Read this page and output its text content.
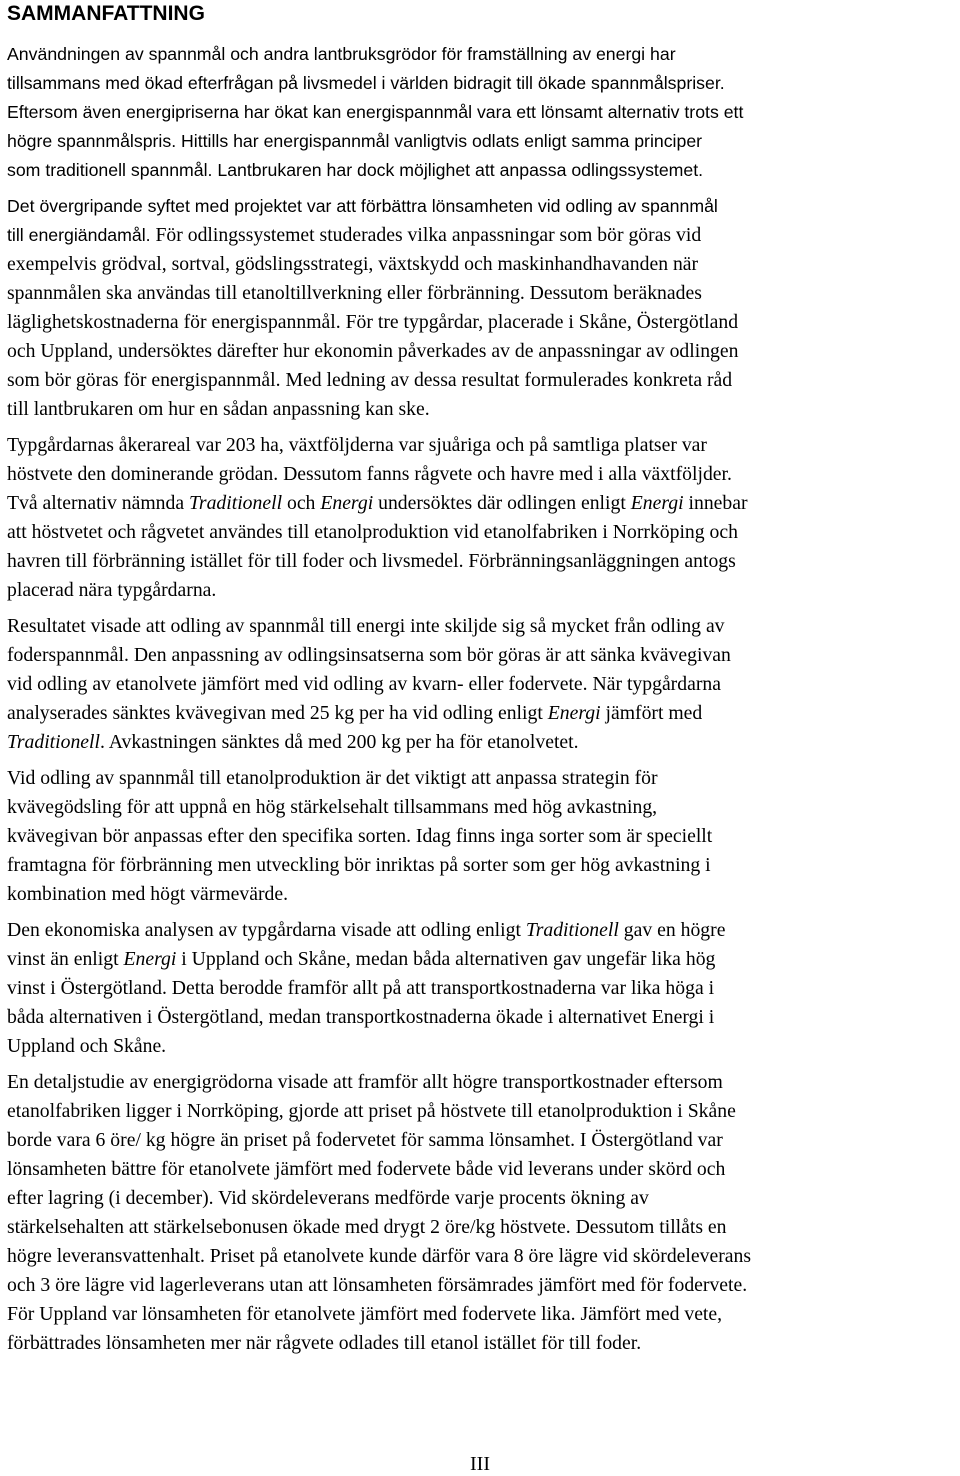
SAMMANFATTNING

Användningen av spannmål och andra lantbruksgrödor för framställning av energi har
tillsammans med ökad efterfrågan på livsmedel i världen bidragit till ökade spannmålspriser.
Eftersom även energipriserna har ökat kan energispannmål vara ett lönsamt alternativ trots ett
högre spannmålspris. Hittills har energispannmål vanligtvis odlats enligt samma principer
som traditionell spannmål. Lantbrukaren har dock möjlighet att anpassa odlingssystemet.

Det övergripande syftet med projektet var att förbättra lönsamheten vid odling av spannmål
till energiändamål. För odlingssystemet studerades vilka anpassningar som bör göras vid
exempelvis grödval, sortval, gödslingsstrategi, växtskydd och maskinhandhavanden när
spannmålen ska användas till etanoltillverkning eller förbränning. Dessutom beräknades
läglighetskostnaderna för energispannmål. För tre typgårdar, placerade i Skåne, Östergötland
och Uppland, undersöktes därefter hur ekonomin påverkades av de anpassningar av odlingen
som bör göras för energispannmål. Med ledning av dessa resultat formulerades konkreta råd
till lantbrukaren om hur en sådan anpassning kan ske.

Typgårdarnas åkerareal var 203 ha, växtföljderna var sjuåriga och på samtliga platser var
höstvete den dominerande grödan. Dessutom fanns rågvete och havre med i alla växtföljder.
Två alternativ nämnda Traditionell och Energi undersöktes där odlingen enligt Energi innebar
att höstvetet och rågvetet användes till etanolproduktion vid etanolfabriken i Norrköping och
havren till förbränning istället för till foder och livsmedel. Förbränningsanläggningen antogs
placerad nära typgårdarna.

Resultatet visade att odling av spannmål till energi inte skiljde sig så mycket från odling av
foderspannmål. Den anpassning av odlingsinsatserna som bör göras är att sänka kvävegivan
vid odling av etanolvete jämfört med vid odling av kvarn- eller fodervete. När typgårdarna
analyserades sänktes kvävegivan med 25 kg per ha vid odling enligt Energi jämfört med
Traditionell. Avkastningen sänktes då med 200 kg per ha för etanolvetet.

Vid odling av spannmål till etanolproduktion är det viktigt att anpassa strategin för
kvävegödsling för att uppnå en hög stärkelsehalt tillsammans med hög avkastning,
kvävegivan bör anpassas efter den specifika sorten. Idag finns inga sorter som är speciellt
framtagna för förbränning men utveckling bör inriktas på sorter som ger hög avkastning i
kombination med högt värmevärde.

Den ekonomiska analysen av typgårdarna visade att odling enligt Traditionell gav en högre
vinst än enligt Energi i Uppland och Skåne, medan båda alternativen gav ungefär lika hög
vinst i Östergötland. Detta berodde framför allt på att transportkostnaderna var lika höga i
båda alternativen i Östergötland, medan transportkostnaderna ökade i alternativet Energi i
Uppland och Skåne.

En detaljstudie av energigrödorna visade att framför allt högre transportkostnader eftersom
etanolfabriken ligger i Norrköping, gjorde att priset på höstvete till etanolproduktion i Skåne
borde vara 6 öre/ kg högre än priset på fodervetet för samma lönsamhet. I Östergötland var
lönsamheten bättre för etanolvete jämfört med fodervete både vid leverans under skörd och
efter lagring (i december). Vid skördeleverans medförde varje procents ökning av
stärkelsehalten att stärkelsebonusen ökade med drygt 2 öre/kg höstvete. Dessutom tillåts en
högre leveransvattenhalt. Priset på etanolvete kunde därför vara 8 öre lägre vid skördeleverans
och 3 öre lägre vid lagerleverans utan att lönsamheten försämrades jämfört med för fodervete.
För Uppland var lönsamheten för etanolvete jämfört med fodervete lika. Jämfört med vete,
förbättrades lönsamheten mer när rågvete odlades till etanol istället för till foder.

III
